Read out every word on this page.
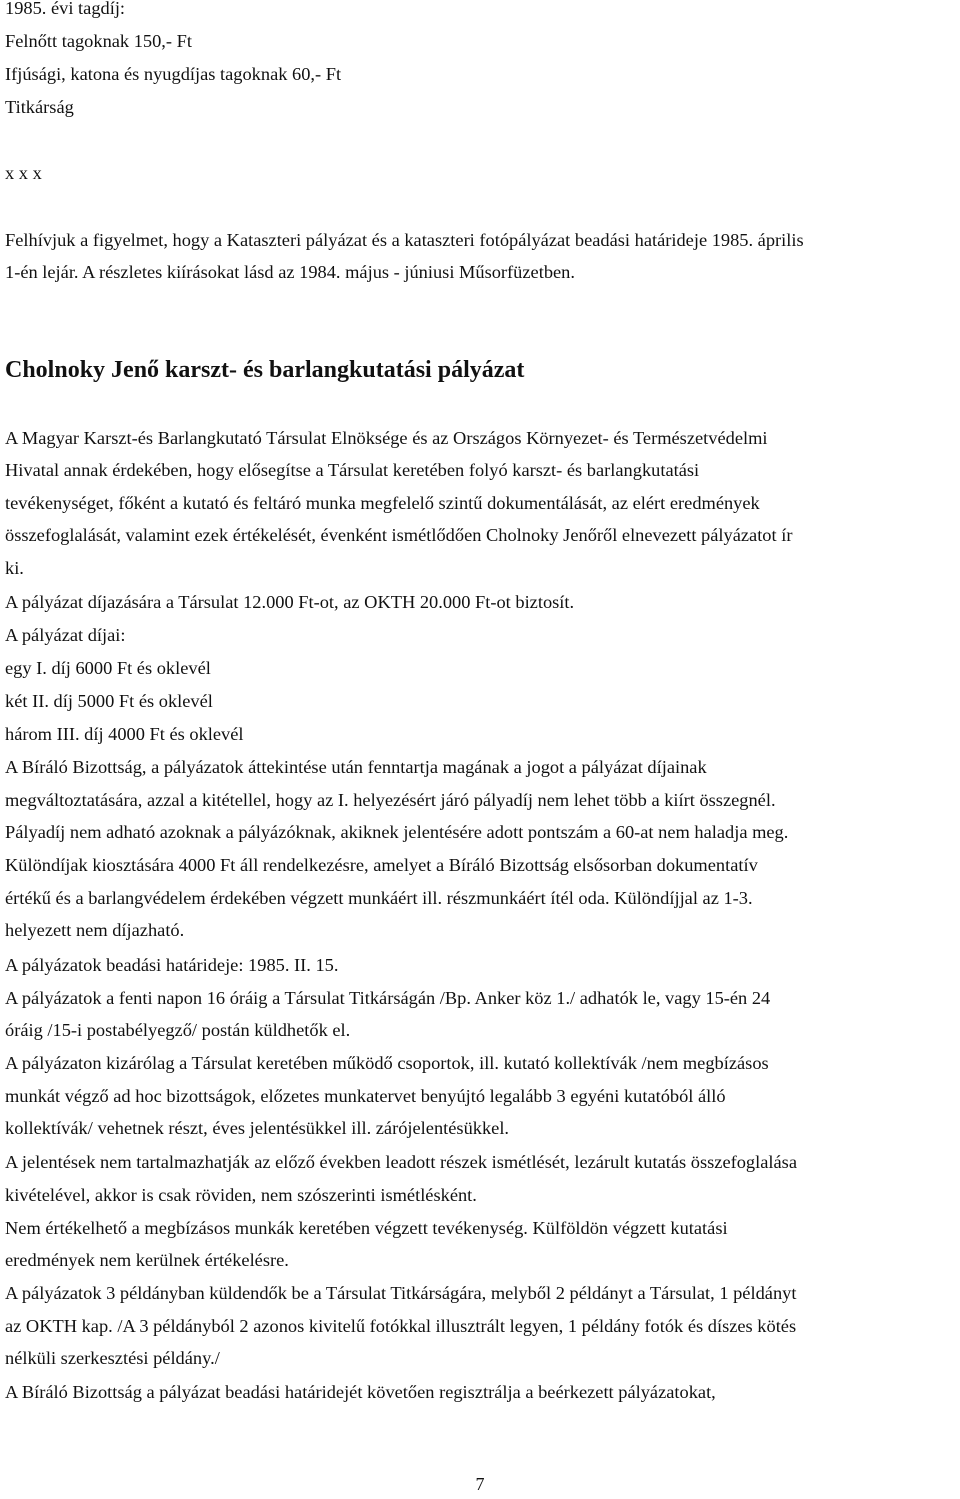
1985. évi tagdíj:

Felnőtt tagoknak 150,- Ft

Ifjúsági, katona és nyugdíjas tagoknak 60,- Ft

Titkárság

x x x

Felhívjuk a figyelmet, hogy a Kataszteri pályázat és a kataszteri fotópályázat beadási határideje 1985. április

1-én lejár. A részletes kiírásokat lásd az 1984. május - júniusi Műsorfüzetben.

Cholnoky Jenő karszt- és barlangkutatási pályázat

A Magyar Karszt-és Barlangkutató Társulat Elnöksége és az Országos Környezet- és Természetvédelmi

Hivatal annak érdekében, hogy elősegítse a Társulat keretében folyó karszt- és barlangkutatási

tevékenységet, főként a kutató és feltáró munka megfelelő szintű dokumentálását, az elért eredmények

összefoglalását, valamint ezek értékelését, évenként ismétlődően Cholnoky Jenőről elnevezett pályázatot ír

ki.

A pályázat díjazására a Társulat 12.000 Ft-ot, az OKTH 20.000 Ft-ot biztosít.

A pályázat díjai:

egy I. díj 6000 Ft és oklevél

két II. díj 5000 Ft és oklevél

három III. díj 4000 Ft és oklevél

A Bíráló Bizottság, a pályázatok áttekintése után fenntartja magának a jogot a pályázat díjainak

megváltoztatására, azzal a kitétellel, hogy az I. helyezésért járó pályadíj nem lehet több a kiírt összegnél.

Pályadíj nem adható azoknak a pályázóknak, akiknek jelentésére adott pontszám a 60-at nem haladja meg.

Különdíjak kiosztására 4000 Ft áll rendelkezésre, amelyet a Bíráló Bizottság elsősorban dokumentatív

értékű és a barlangvédelem érdekében végzett munkáért ill. részmunkáért ítél oda. Különdíjjal az 1-3.

helyezett nem díjazható.

A pályázatok beadási határideje: 1985. II. 15.

A pályázatok a fenti napon 16 óráig a Társulat Titkárságán /Bp. Anker köz 1./ adhatók le, vagy 15-én 24

óráig /15-i postabélyegző/ postán küldhetők el.

A pályázaton kizárólag a Társulat keretében működő csoportok, ill. kutató kollektívák /nem megbízásos

munkát végző ad hoc bizottságok, előzetes munkatervet benyújtó legalább 3 egyéni kutatóból álló

kollektívák/ vehetnek részt, éves jelentésükkel ill. zárójelentésükkel.

A jelentések nem tartalmazhatják az előző években leadott részek ismétlését, lezárult kutatás összefoglalása

kivételével, akkor is csak röviden, nem szószerinti ismétlésként.

Nem értékelhető a megbízásos munkák keretében végzett tevékenység. Külföldön végzett kutatási

eredmények nem kerülnek értékelésre.

A pályázatok 3 példányban küldendők be a Társulat Titkárságára, melyből 2 példányt a Társulat, 1 példányt

az OKTH kap. /A 3 példányból 2 azonos kivitelű fotókkal illusztrált legyen, 1 példány fotók és díszes kötés

nélküli szerkesztési példány./

A Bíráló Bizottság a pályázat beadási határidejét követően regisztrálja a beérkezett pályázatokat,

7
